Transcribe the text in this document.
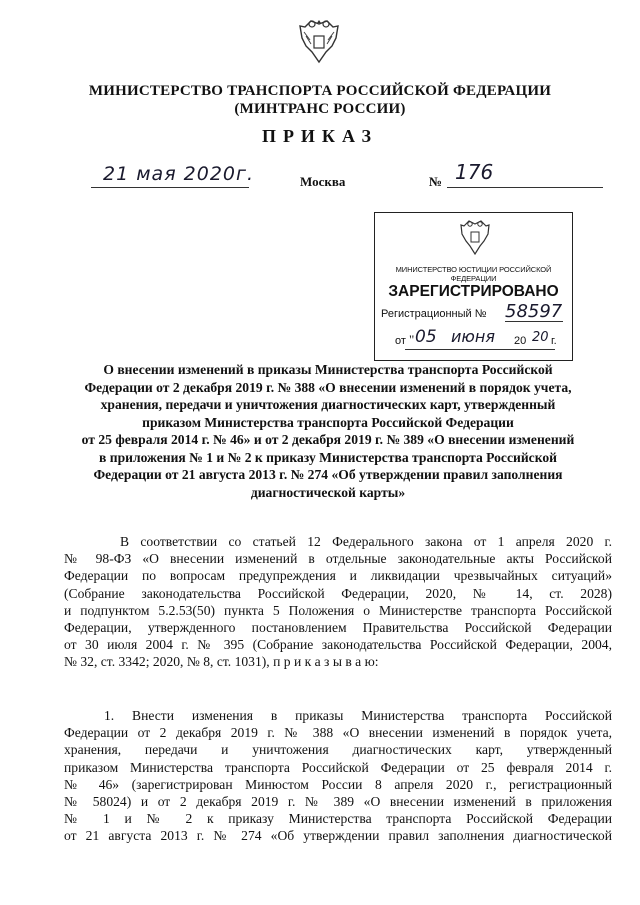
МИНИСТЕРСТВО ТРАНСПОРТА РОССИЙСКОЙ ФЕДЕРАЦИИ
(МИНТРАНС РОССИИ)
ПРИКАЗ
21 мая 2020г.	Москва	№ 176
МИНИСТЕРСТВО ЮСТИЦИИ РОССИЙСКОЙ ФЕДЕРАЦИИ
ЗАРЕГИСТРИРОВАНО
Регистрационный № 58597
от " 05 июня 20 20 г.
О внесении изменений в приказы Министерства транспорта Российской
Федерации от 2 декабря 2019 г. № 388 «О внесении изменений в порядок учета,
хранения, передачи и уничтожения диагностических карт, утвержденный
приказом Министерства транспорта Российской Федерации
от 25 февраля 2014 г. № 46» и от 2 декабря 2019 г. № 389 «О внесении изменений
в приложения № 1 и № 2 к приказу Министерства транспорта Российской
Федерации от 21 августа 2013 г. № 274 «Об утверждении правил заполнения
диагностической карты»
В соответствии со статьей 12 Федерального закона от 1 апреля 2020 г.
№ 98-ФЗ «О внесении изменений в отдельные законодательные акты Российской
Федерации по вопросам предупреждения и ликвидации чрезвычайных ситуаций»
(Собрание законодательства Российской Федерации, 2020, № 14, ст. 2028)
и подпунктом 5.2.53(50) пункта 5 Положения о Министерстве транспорта Российской
Федерации, утвержденного постановлением Правительства Российской Федерации
от 30 июля 2004 г. № 395 (Собрание законодательства Российской Федерации, 2004,
№ 32, ст. 3342; 2020, № 8, ст. 1031), п р и к а з ы в а ю:
1. Внести изменения в приказы Министерства транспорта Российской
Федерации от 2 декабря 2019 г. № 388 «О внесении изменений в порядок учета,
хранения, передачи и уничтожения диагностических карт, утвержденный
приказом Министерства транспорта Российской Федерации от 25 февраля 2014 г.
№ 46» (зарегистрирован Минюстом России 8 апреля 2020 г., регистрационный
№ 58024) и от 2 декабря 2019 г. № 389 «О внесении изменений в приложения
№ 1 и № 2 к приказу Министерства транспорта Российской Федерации
от 21 августа 2013 г. № 274 «Об утверждении правил заполнения диагностической
